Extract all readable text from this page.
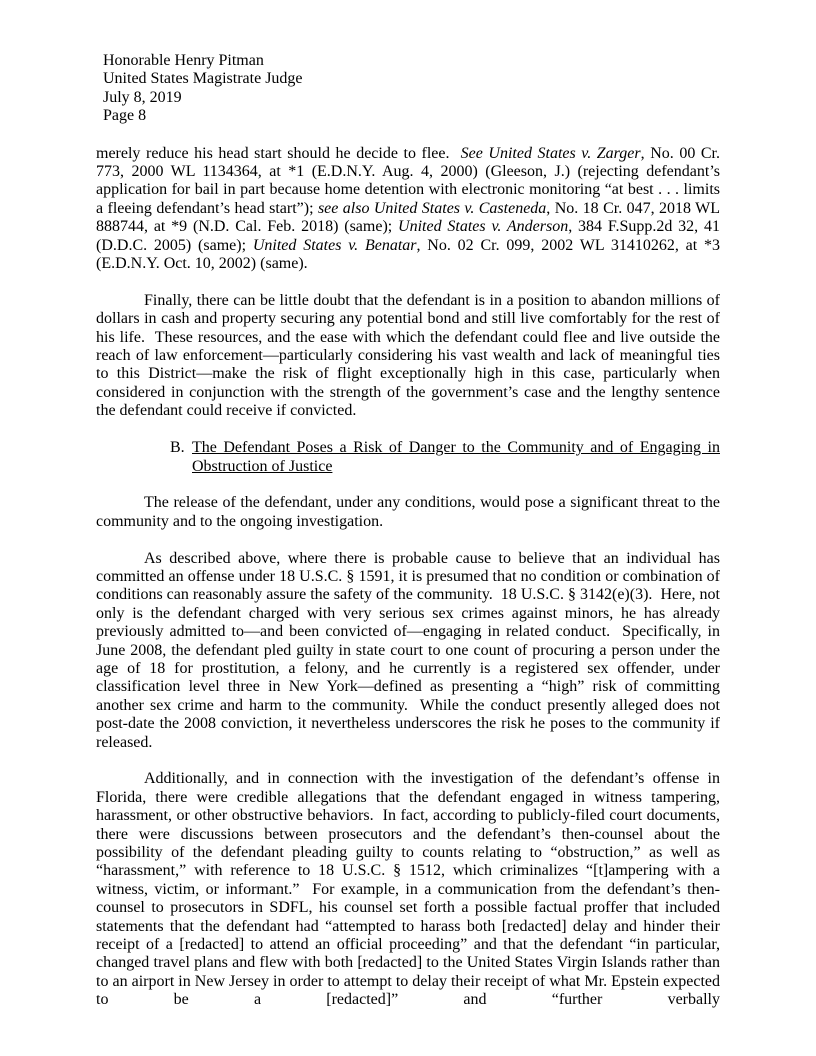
Honorable Henry Pitman
United States Magistrate Judge
July 8, 2019
Page 8

merely reduce his head start should he decide to flee.  See United States v. Zarger, No. 00 Cr. 773, 2000 WL 1134364, at *1 (E.D.N.Y. Aug. 4, 2000) (Gleeson, J.) (rejecting defendant’s application for bail in part because home detention with electronic monitoring “at best . . . limits a fleeing defendant’s head start”); see also United States v. Casteneda, No. 18 Cr. 047, 2018 WL 888744, at *9 (N.D. Cal. Feb. 2018) (same); United States v. Anderson, 384 F.Supp.2d 32, 41 (D.D.C. 2005) (same); United States v. Benatar, No. 02 Cr. 099, 2002 WL 31410262, at *3 (E.D.N.Y. Oct. 10, 2002) (same).

Finally, there can be little doubt that the defendant is in a position to abandon millions of dollars in cash and property securing any potential bond and still live comfortably for the rest of his life.  These resources, and the ease with which the defendant could flee and live outside the reach of law enforcement—particularly considering his vast wealth and lack of meaningful ties to this District—make the risk of flight exceptionally high in this case, particularly when considered in conjunction with the strength of the government’s case and the lengthy sentence the defendant could receive if convicted.

B. The Defendant Poses a Risk of Danger to the Community and of Engaging in Obstruction of Justice

The release of the defendant, under any conditions, would pose a significant threat to the community and to the ongoing investigation.

As described above, where there is probable cause to believe that an individual has committed an offense under 18 U.S.C. § 1591, it is presumed that no condition or combination of conditions can reasonably assure the safety of the community.  18 U.S.C. § 3142(e)(3).  Here, not only is the defendant charged with very serious sex crimes against minors, he has already previously admitted to—and been convicted of—engaging in related conduct.  Specifically, in June 2008, the defendant pled guilty in state court to one count of procuring a person under the age of 18 for prostitution, a felony, and he currently is a registered sex offender, under classification level three in New York—defined as presenting a “high” risk of committing another sex crime and harm to the community.  While the conduct presently alleged does not post-date the 2008 conviction, it nevertheless underscores the risk he poses to the community if released.

Additionally, and in connection with the investigation of the defendant’s offense in Florida, there were credible allegations that the defendant engaged in witness tampering, harassment, or other obstructive behaviors.  In fact, according to publicly-filed court documents, there were discussions between prosecutors and the defendant’s then-counsel about the possibility of the defendant pleading guilty to counts relating to “obstruction,” as well as “harassment,” with reference to 18 U.S.C. § 1512, which criminalizes “[t]ampering with a witness, victim, or informant.”  For example, in a communication from the defendant’s then-counsel to prosecutors in SDFL, his counsel set forth a possible factual proffer that included statements that the defendant had “attempted to harass both [redacted] delay and hinder their receipt of a [redacted] to attend an official proceeding” and that the defendant “in particular, changed travel plans and flew with both [redacted] to the United States Virgin Islands rather than to an airport in New Jersey in order to attempt to delay their receipt of what Mr. Epstein expected to be a [redacted]” and “further verbally
